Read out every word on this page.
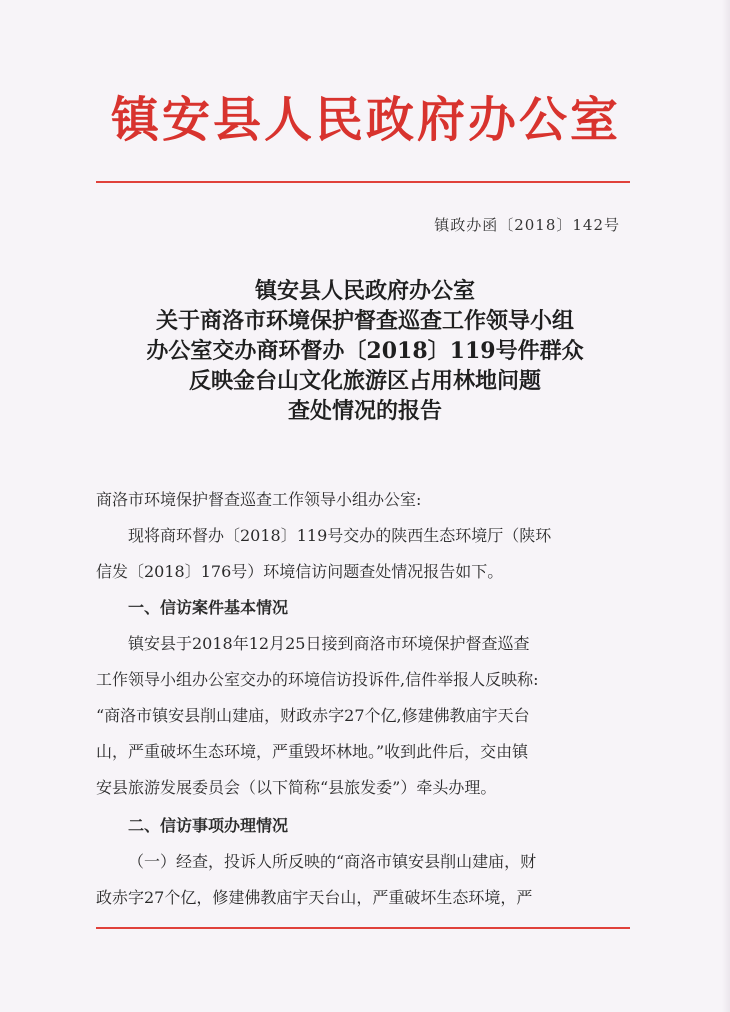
镇安县人民政府办公室
镇政办函〔2018〕142号
镇安县人民政府办公室
关于商洛市环境保护督查巡查工作领导小组
办公室交办商环督办〔2018〕119号件群众
反映金台山文化旅游区占用林地问题
查处情况的报告
商洛市环境保护督查巡查工作领导小组办公室:
现将商环督办〔2018〕119号交办的陕西生态环境厅（陕环
信发〔2018〕176号）环境信访问题查处情况报告如下。
一、信访案件基本情况
镇安县于2018年12月25日接到商洛市环境保护督查巡查
工作领导小组办公室交办的环境信访投诉件,信件举报人反映称:
“商洛市镇安县削山建庙，财政赤字27个亿,修建佛教庙宇天台
山，严重破坏生态环境，严重毁坏林地。”收到此件后，交由镇
安县旅游发展委员会（以下简称“县旅发委”）牵头办理。
二、信访事项办理情况
（一）经查，投诉人所反映的“商洛市镇安县削山建庙，财
政赤字27个亿，修建佛教庙宇天台山，严重破坏生态环境，严
